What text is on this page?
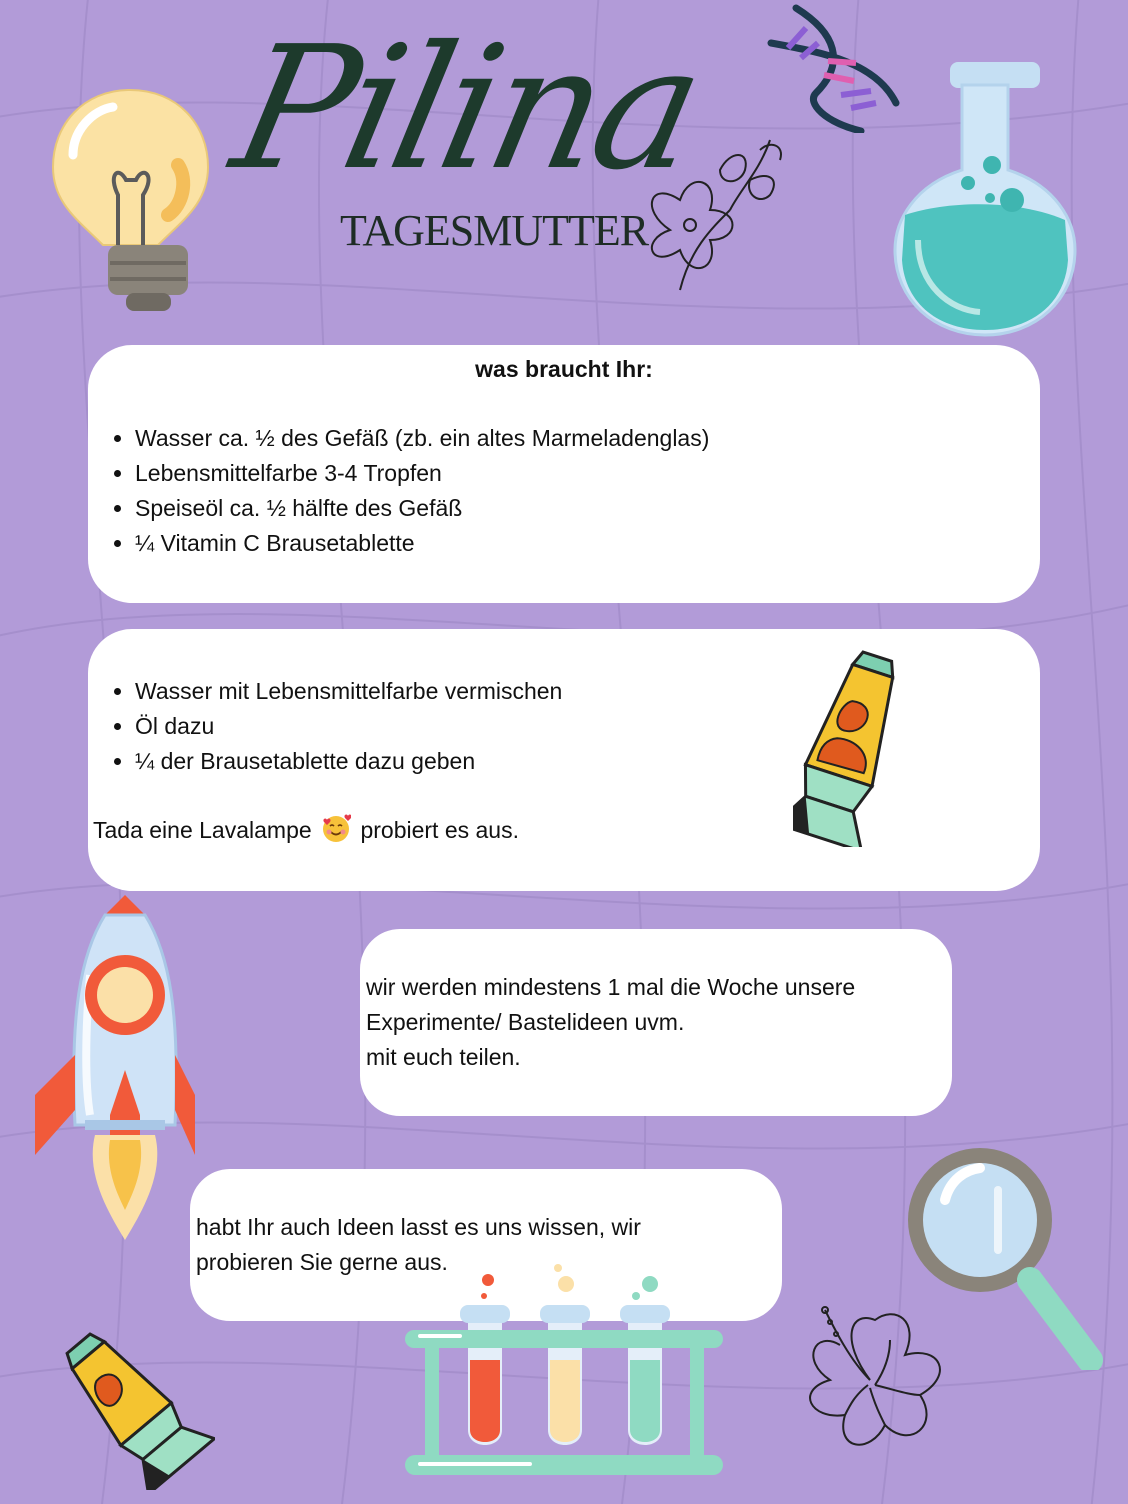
Pilina
TAGESMUTTER
was braucht Ihr:
• Wasser ca. ½ des Gefäß (zb. ein altes Marmeladenglas)
• Lebensmittelfarbe 3-4 Tropfen
• Speiseöl ca. ½ hälfte des Gefäß
• ¼ Vitamin C Brausetablette
• Wasser mit Lebensmittelfarbe vermischen
• Öl dazu
• ¼ der Brausetablette dazu geben
Tada eine Lavalampe probiert es aus.
wir werden mindestens 1 mal die Woche unsere
Experimente/ Bastelideen uvm.
mit euch teilen.
habt Ihr auch Ideen lasst es uns wissen, wir
probieren Sie gerne aus.
